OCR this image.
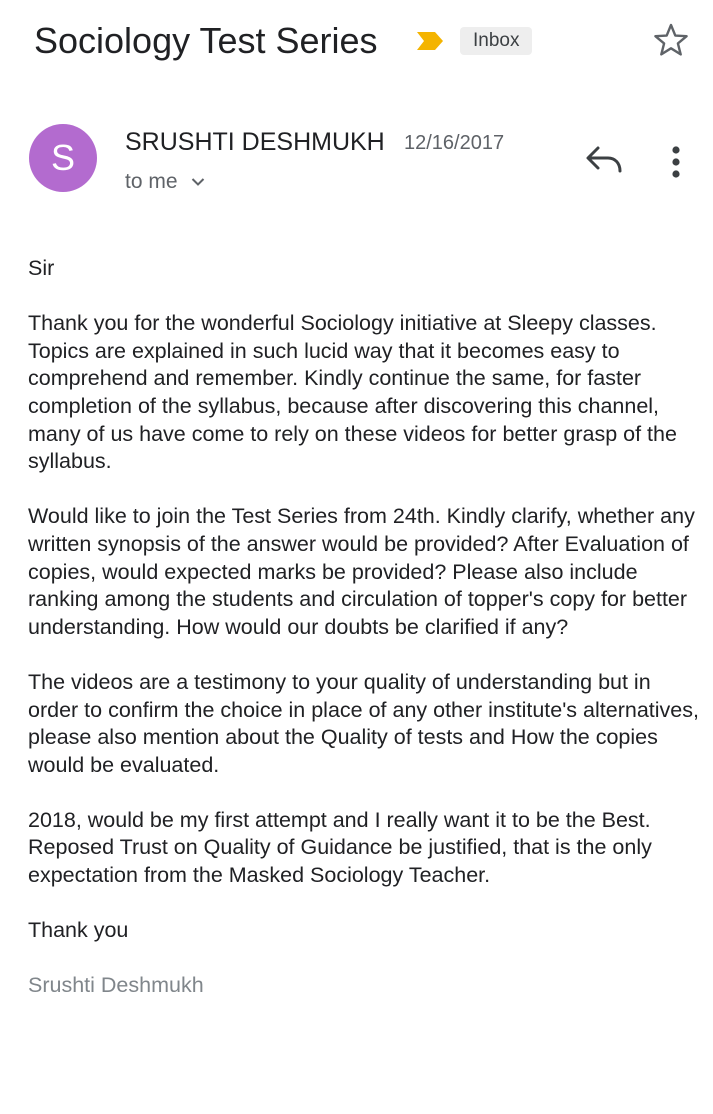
Sociology Test Series	Inbox
S	SRUSHTI DESHMUKH 12/16/2017
to me

Sir

Thank you for the wonderful Sociology initiative at Sleepy classes. Topics are explained in such lucid way that it becomes easy to comprehend and remember. Kindly continue the same, for faster completion of the syllabus, because after discovering this channel, many of us have come to rely on these videos for better grasp of the syllabus.

Would like to join the Test Series from 24th. Kindly clarify, whether any written synopsis of the answer would be provided? After Evaluation of copies, would expected marks be provided? Please also include ranking among the students and circulation of topper's copy for better understanding. How would our doubts be clarified if any?

The videos are a testimony to your quality of understanding but in order to confirm the choice in place of any other institute's alternatives, please also mention about the Quality of tests and How the copies would be evaluated.

2018, would be my first attempt and I really want it to be the Best. Reposed Trust on Quality of Guidance be justified, that is the only expectation from the Masked Sociology Teacher.

Thank you

Srushti Deshmukh
